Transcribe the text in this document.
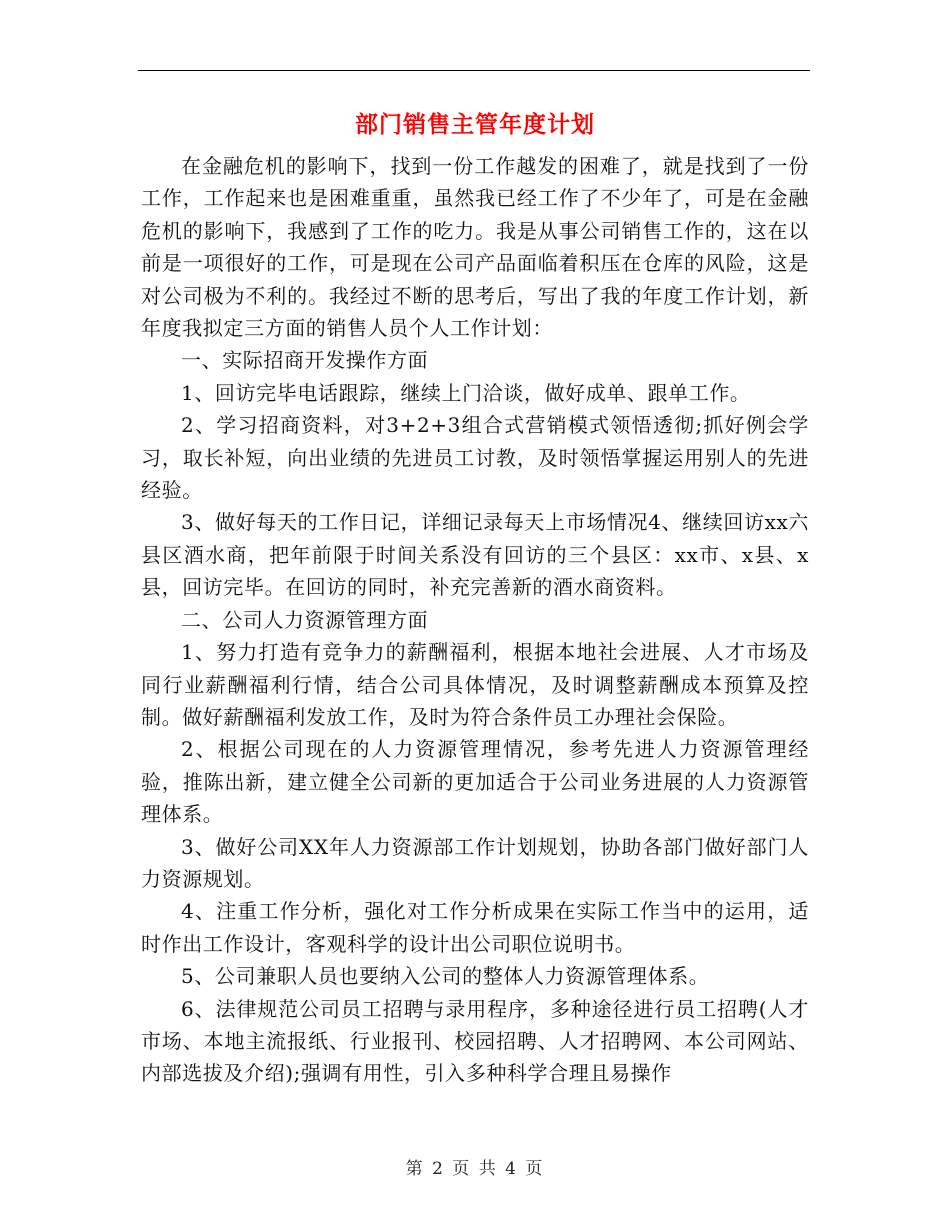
部门销售主管年度计划

在金融危机的影响下，找到一份工作越发的困难了，就是找到了一份工作，工作起来也是困难重重，虽然我已经工作了不少年了，可是在金融危机的影响下，我感到了工作的吃力。我是从事公司销售工作的，这在以前是一项很好的工作，可是现在公司产品面临着积压在仓库的风险，这是对公司极为不利的。我经过不断的思考后，写出了我的年度工作计划，新年度我拟定三方面的销售人员个人工作计划：

一、实际招商开发操作方面

1、回访完毕电话跟踪，继续上门洽谈，做好成单、跟单工作。

2、学习招商资料，对3+2+3组合式营销模式领悟透彻;抓好例会学习，取长补短，向出业绩的先进员工讨教，及时领悟掌握运用别人的先进经验。

3、做好每天的工作日记，详细记录每天上市场情况4、继续回访xx六县区酒水商，把年前限于时间关系没有回访的三个县区：xx市、x县、x县，回访完毕。在回访的同时，补充完善新的酒水商资料。

二、公司人力资源管理方面

1、努力打造有竞争力的薪酬福利，根据本地社会进展、人才市场及同行业薪酬福利行情，结合公司具体情况，及时调整薪酬成本预算及控制。做好薪酬福利发放工作，及时为符合条件员工办理社会保险。

2、根据公司现在的人力资源管理情况，参考先进人力资源管理经验，推陈出新，建立健全公司新的更加适合于公司业务进展的人力资源管理体系。

3、做好公司XX年人力资源部工作计划规划，协助各部门做好部门人力资源规划。

4、注重工作分析，强化对工作分析成果在实际工作当中的运用，适时作出工作设计，客观科学的设计出公司职位说明书。

5、公司兼职人员也要纳入公司的整体人力资源管理体系。

6、法律规范公司员工招聘与录用程序，多种途径进行员工招聘(人才市场、本地主流报纸、行业报刊、校园招聘、人才招聘网、本公司网站、内部选拔及介绍);强调有用性，引入多种科学合理且易操作

第 2 页 共 4 页
